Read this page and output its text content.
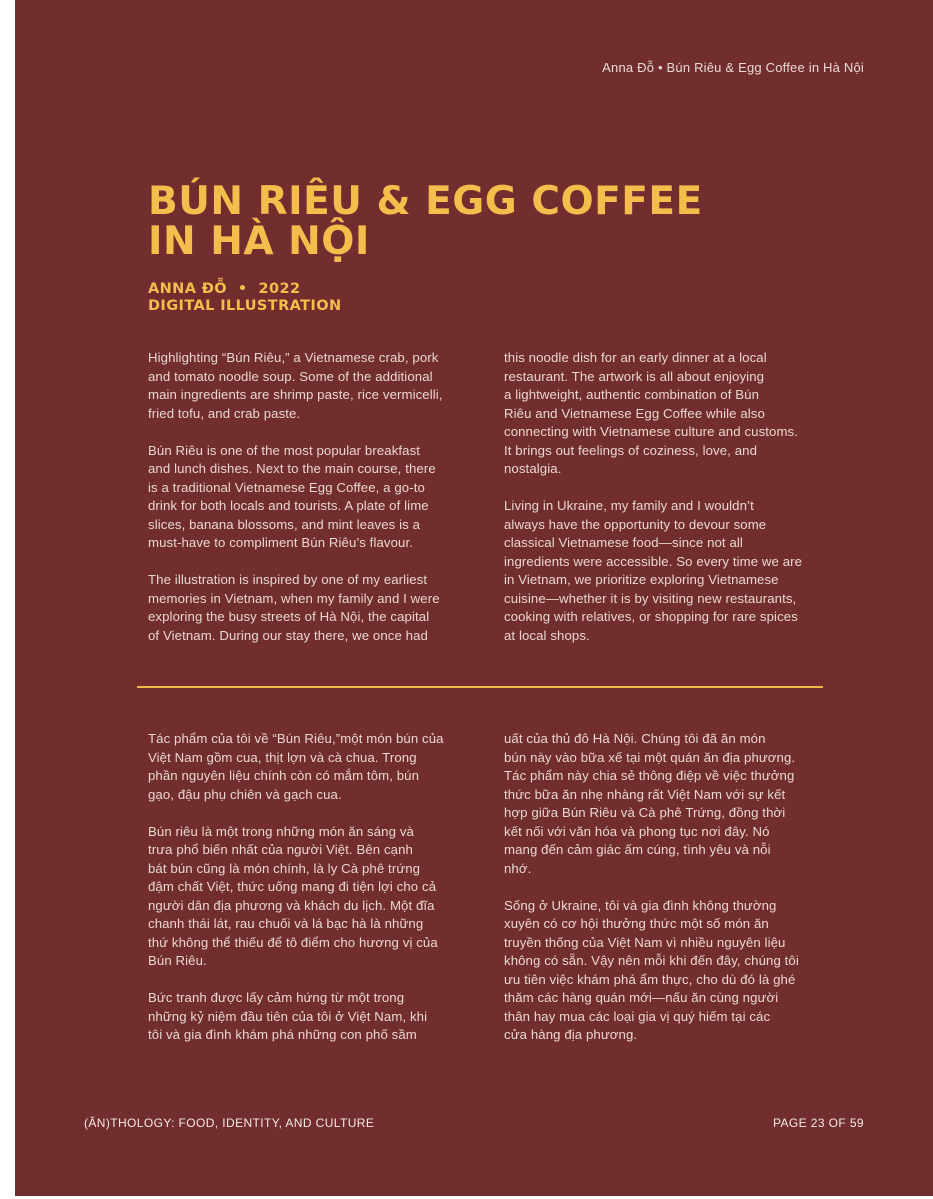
Anna Đỗ • Bún Riêu & Egg Coffee in Hà Nội
BÚN RIÊU & EGG COFFEE
IN HÀ NỘI
ANNA ĐỖ  •  2022
DIGITAL ILLUSTRATION

Highlighting “Bún Riêu,” a Vietnamese crab, pork
and tomato noodle soup. Some of the additional
main ingredients are shrimp paste, rice vermicelli,
fried tofu, and crab paste.

Bún Riêu is one of the most popular breakfast
and lunch dishes. Next to the main course, there
is a traditional Vietnamese Egg Coffee, a go-to
drink for both locals and tourists. A plate of lime
slices, banana blossoms, and mint leaves is a
must-have to compliment Bún Riêu’s flavour.

The illustration is inspired by one of my earliest
memories in Vietnam, when my family and I were
exploring the busy streets of Hà Nội, the capital
of Vietnam. During our stay there, we once had

this noodle dish for an early dinner at a local
restaurant. The artwork is all about enjoying
a lightweight, authentic combination of Bún
Riêu and Vietnamese Egg Coffee while also
connecting with Vietnamese culture and customs.
It brings out feelings of coziness, love, and
nostalgia.

Living in Ukraine, my family and I wouldn’t
always have the opportunity to devour some
classical Vietnamese food—since not all
ingredients were accessible. So every time we are
in Vietnam, we prioritize exploring Vietnamese
cuisine—whether it is by visiting new restaurants,
cooking with relatives, or shopping for rare spices
at local shops.

Tác phẩm của tôi về “Bún Riêu,”một món bún của
Việt Nam gồm cua, thịt lợn và cà chua. Trong
phần nguyên liệu chính còn có mắm tôm, bún
gạo, đậu phụ chiên và gạch cua.

Bún riêu là một trong những món ăn sáng và
trưa phổ biến nhất của người Việt. Bên cạnh
bát bún cũng là món chính, là ly Cà phê trứng
đậm chất Việt, thức uống mang đi tiện lợi cho cả
người dân địa phương và khách du lịch. Một đĩa
chanh thái lát, rau chuối và lá bạc hà là những
thứ không thể thiếu để tô điểm cho hương vị của
Bún Riêu.

Bức tranh được lấy cảm hứng từ một trong
những kỷ niệm đầu tiên của tôi ở Việt Nam, khi
tôi và gia đình khám phá những con phố sầm

uất của thủ đô Hà Nội. Chúng tôi đã ăn món
bún này vào bữa xế tại một quán ăn địa phương.
Tác phẩm này chia sẻ thông điệp về việc thưởng
thức bữa ăn nhẹ nhàng rất Việt Nam với sự kết
hợp giữa Bún Riêu và Cà phê Trứng, đồng thời
kết nối với văn hóa và phong tục nơi đây. Nó
mang đến cảm giác ấm cúng, tình yêu và nỗi
nhớ.

Sống ở Ukraine, tôi và gia đình không thường
xuyên có cơ hội thưởng thức một số món ăn
truyền thống của Việt Nam vì nhiều nguyên liệu
không có sẵn. Vậy nên mỗi khi đến đây, chúng tôi
ưu tiên việc khám phá ẩm thực, cho dù đó là ghé
thăm các hàng quán mới—nấu ăn cùng người
thân hay mua các loại gia vị quý hiếm tại các
cửa hàng địa phương.

(ĂN)THOLOGY: FOOD, IDENTITY, AND CULTURE	PAGE 23 OF 59
